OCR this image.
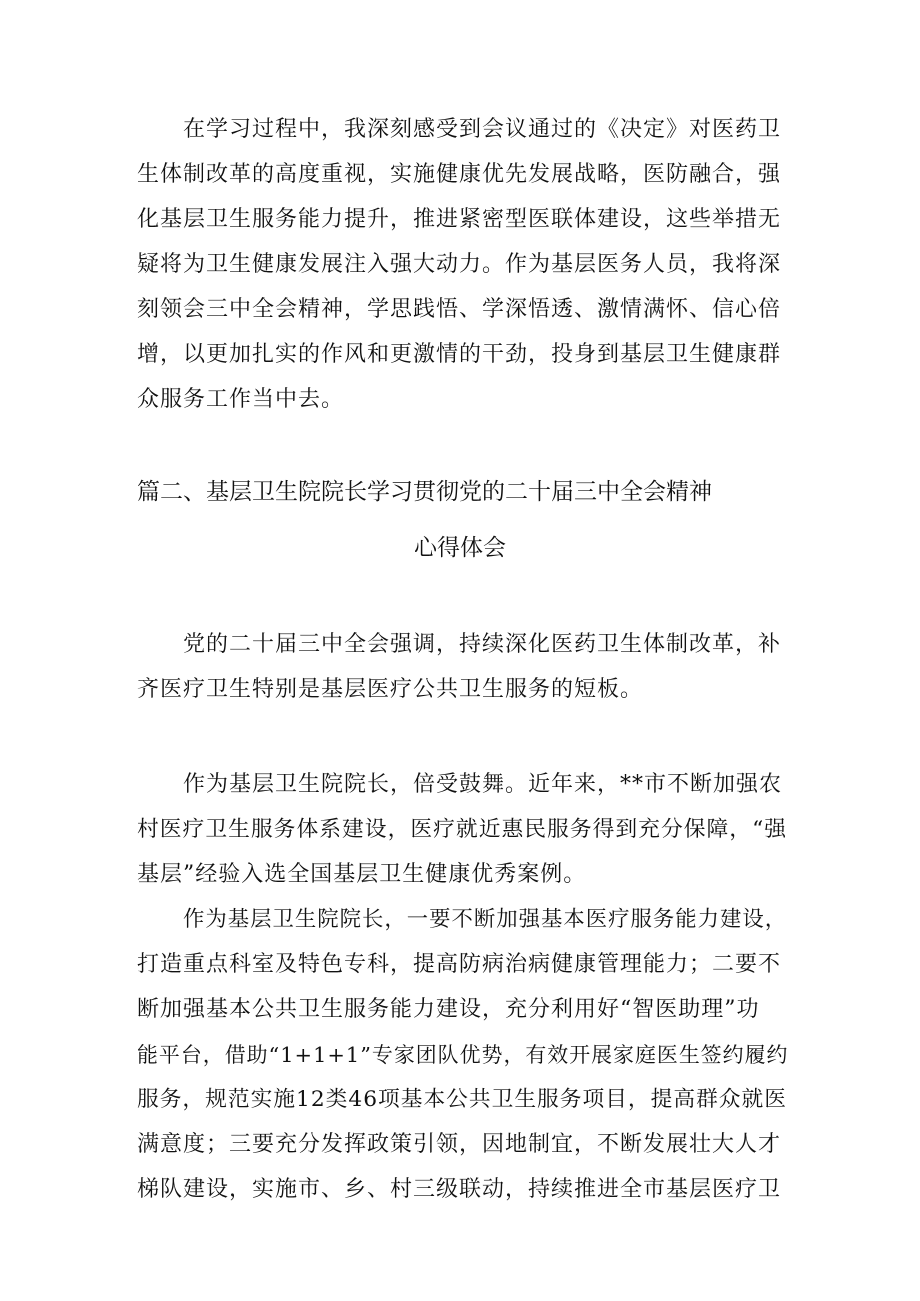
在学习过程中，我深刻感受到会议通过的《决定》对医药卫
生体制改革的高度重视，实施健康优先发展战略，医防融合，强
化基层卫生服务能力提升，推进紧密型医联体建设，这些举措无
疑将为卫生健康发展注入强大动力。作为基层医务人员，我将深
刻领会三中全会精神，学思践悟、学深悟透、激情满怀、信心倍
增，以更加扎实的作风和更激情的干劲，投身到基层卫生健康群
众服务工作当中去。
篇二、基层卫生院院长学习贯彻党的二十届三中全会精神
心得体会
党的二十届三中全会强调，持续深化医药卫生体制改革，补
齐医疗卫生特别是基层医疗公共卫生服务的短板。
作为基层卫生院院长，倍受鼓舞。近年来，**市不断加强农
村医疗卫生服务体系建设，医疗就近惠民服务得到充分保障，“强
基层”经验入选全国基层卫生健康优秀案例。
作为基层卫生院院长，一要不断加强基本医疗服务能力建设，
打造重点科室及特色专科，提高防病治病健康管理能力；二要不
断加强基本公共卫生服务能力建设，充分利用好“智医助理”功
能平台，借助“1+1+1”专家团队优势，有效开展家庭医生签约履约
服务，规范实施12类46项基本公共卫生服务项目，提高群众就医
满意度；三要充分发挥政策引领，因地制宜，不断发展壮大人才
梯队建设，实施市、乡、村三级联动，持续推进全市基层医疗卫
